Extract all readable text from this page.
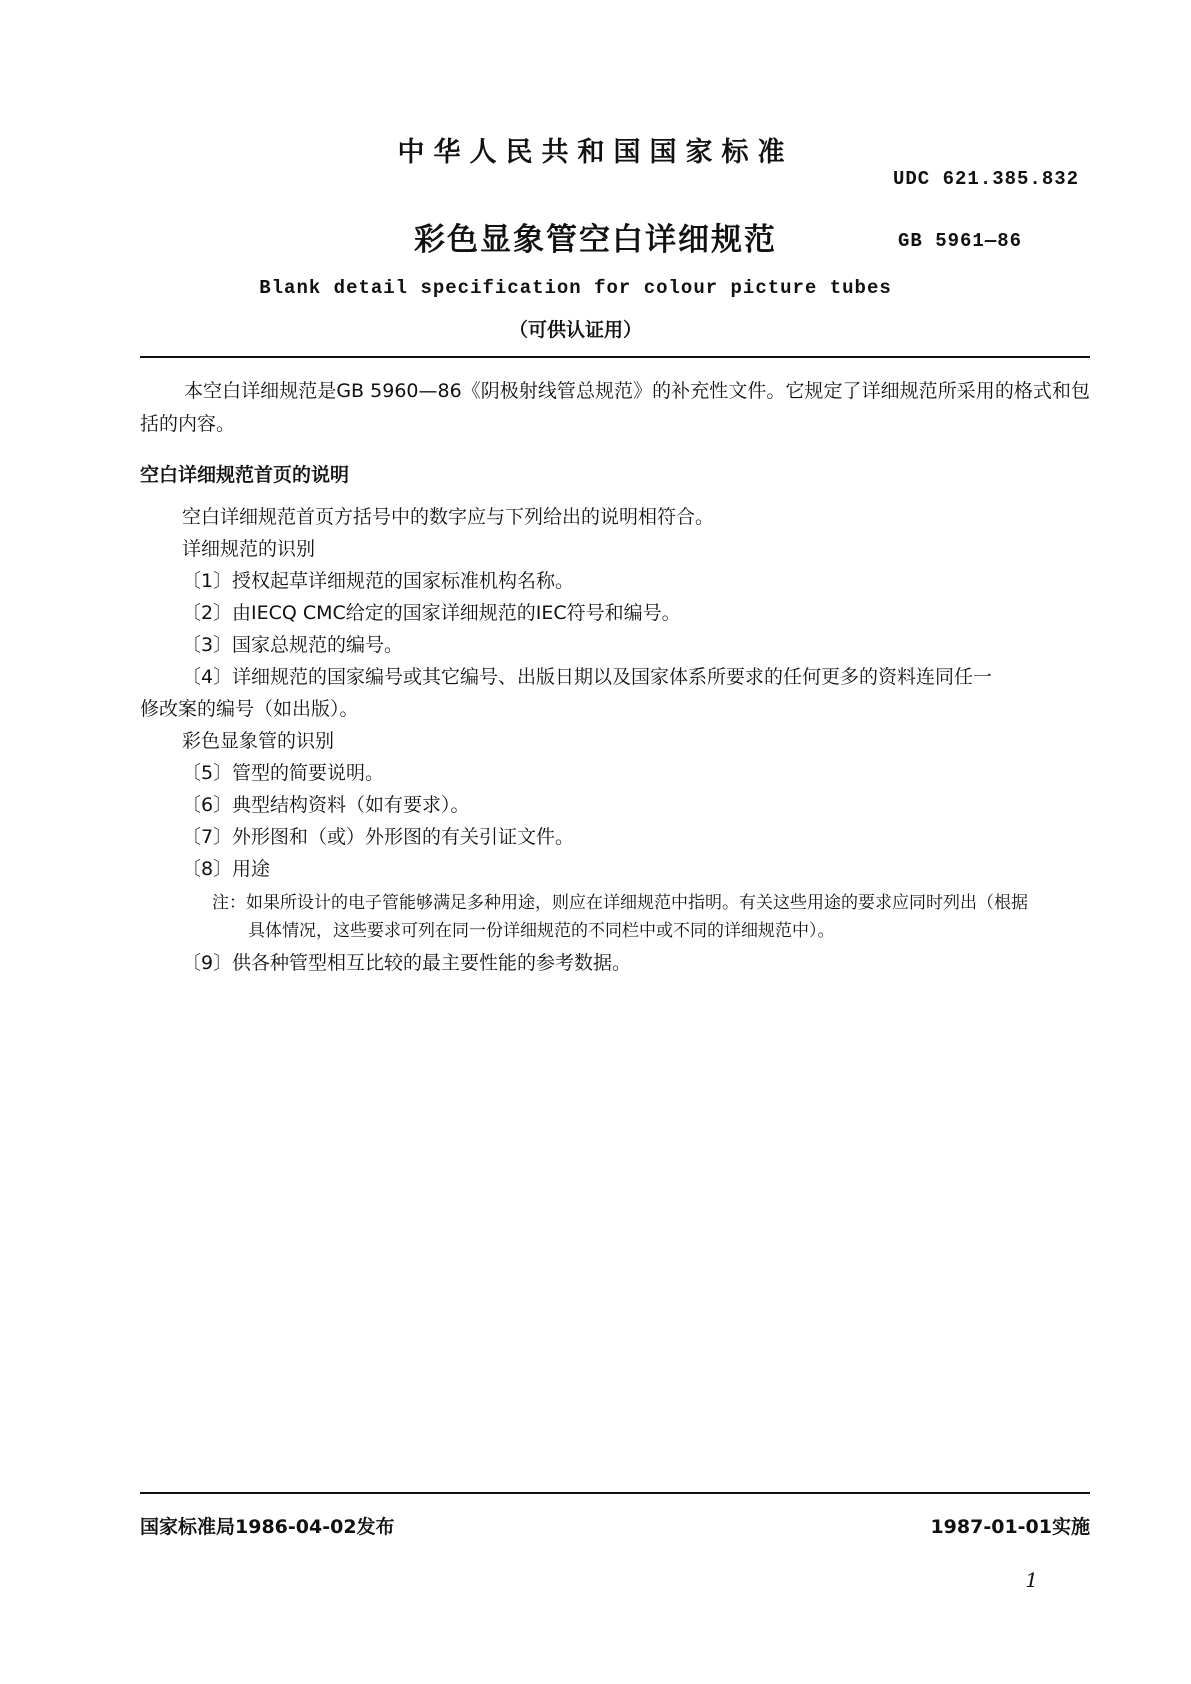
中华人民共和国国家标准
UDC 621.385.832
彩色显象管空白详细规范	GB 5961—86
Blank detail specification for colour picture tubes
（可供认证用）
本空白详细规范是GB 5960—86《阴极射线管总规范》的补充性文件。它规定了详细规范所采用的格式和包括的内容。
空白详细规范首页的说明
空白详细规范首页方括号中的数字应与下列给出的说明相符合。
详细规范的识别
〔1〕授权起草详细规范的国家标准机构名称。
〔2〕由IECQ CMC给定的国家详细规范的IEC符号和编号。
〔3〕国家总规范的编号。
〔4〕详细规范的国家编号或其它编号、出版日期以及国家体系所要求的任何更多的资料连同任一
修改案的编号（如出版）。
彩色显象管的识别
〔5〕管型的简要说明。
〔6〕典型结构资料（如有要求）。
〔7〕外形图和（或）外形图的有关引证文件。
〔8〕用途
注：如果所设计的电子管能够满足多种用途，则应在详细规范中指明。有关这些用途的要求应同时列出（根据
具体情况，这些要求可列在同一份详细规范的不同栏中或不同的详细规范中）。
〔9〕供各种管型相互比较的最主要性能的参考数据。
国家标准局1986-04-02发布	1987-01-01实施
1
